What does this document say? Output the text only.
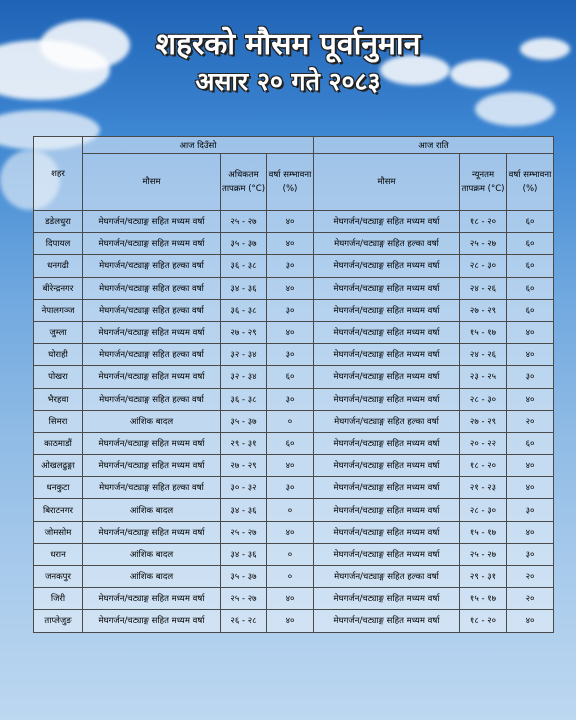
शहरको मौसम पूर्वानुमान
असार २० गते २०८३
शहर	आज दिउँसो			आज राति		
	मौसम	अधिकतम तापक्रम (°C)	वर्षा सम्भावना (%)	मौसम	न्यूनतम तापक्रम (°C)	वर्षा सम्भावना (%)
डडेलधुरा	मेघगर्जन/चट्याङ्ग सहित मध्यम वर्षा	२५ - २७	४०	मेघगर्जन/चट्याङ्ग सहित मध्यम वर्षा	१८ - २०	६०
दिपायल	मेघगर्जन/चट्याङ्ग सहित मध्यम वर्षा	३५ - ३७	४०	मेघगर्जन/चट्याङ्ग सहित हल्का वर्षा	२५ - २७	६०
धनगढी	मेघगर्जन/चट्याङ्ग सहित हल्का वर्षा	३६ - ३८	३०	मेघगर्जन/चट्याङ्ग सहित मध्यम वर्षा	२८ - ३०	६०
बीरेन्द्रनगर	मेघगर्जन/चट्याङ्ग सहित हल्का वर्षा	३४ - ३६	४०	मेघगर्जन/चट्याङ्ग सहित मध्यम वर्षा	२४ - २६	६०
नेपालगञ्ज	मेघगर्जन/चट्याङ्ग सहित हल्का वर्षा	३६ - ३८	३०	मेघगर्जन/चट्याङ्ग सहित मध्यम वर्षा	२७ - २९	६०
जुम्ला	मेघगर्जन/चट्याङ्ग सहित मध्यम वर्षा	२७ - २९	४०	मेघगर्जन/चट्याङ्ग सहित मध्यम वर्षा	१५ - १७	४०
घोराही	मेघगर्जन/चट्याङ्ग सहित हल्का वर्षा	३२ - ३४	३०	मेघगर्जन/चट्याङ्ग सहित मध्यम वर्षा	२४ - २६	४०
पोखरा	मेघगर्जन/चट्याङ्ग सहित मध्यम वर्षा	३२ - ३४	६०	मेघगर्जन/चट्याङ्ग सहित मध्यम वर्षा	२३ - २५	३०
भैरहवा	मेघगर्जन/चट्याङ्ग सहित हल्का वर्षा	३६ - ३८	३०	मेघगर्जन/चट्याङ्ग सहित मध्यम वर्षा	२८ - ३०	४०
सिमरा	आंशिक बादल	३५ - ३७	०	मेघगर्जन/चट्याङ्ग सहित हल्का वर्षा	२७ - २९	२०
काठमाडौं	मेघगर्जन/चट्याङ्ग सहित मध्यम वर्षा	२९ - ३१	६०	मेघगर्जन/चट्याङ्ग सहित मध्यम वर्षा	२० - २२	६०
ओखलढुङ्गा	मेघगर्जन/चट्याङ्ग सहित मध्यम वर्षा	२७ - २९	४०	मेघगर्जन/चट्याङ्ग सहित मध्यम वर्षा	१८ - २०	४०
धनकुटा	मेघगर्जन/चट्याङ्ग सहित हल्का वर्षा	३० - ३२	३०	मेघगर्जन/चट्याङ्ग सहित मध्यम वर्षा	२१ - २३	४०
बिराटनगर	आंशिक बादल	३४ - ३६	०	मेघगर्जन/चट्याङ्ग सहित मध्यम वर्षा	२८ - ३०	३०
जोमसोम	मेघगर्जन/चट्याङ्ग सहित मध्यम वर्षा	२५ - २७	४०	मेघगर्जन/चट्याङ्ग सहित मध्यम वर्षा	१५ - १७	४०
धरान	आंशिक बादल	३४ - ३६	०	मेघगर्जन/चट्याङ्ग सहित मध्यम वर्षा	२५ - २७	३०
जनकपुर	आंशिक बादल	३५ - ३७	०	मेघगर्जन/चट्याङ्ग सहित हल्का वर्षा	२९ - ३१	२०
जिरी	मेघगर्जन/चट्याङ्ग सहित मध्यम वर्षा	२५ - २७	४०	मेघगर्जन/चट्याङ्ग सहित मध्यम वर्षा	१५ - १७	२०
ताप्लेजुङ	मेघगर्जन/चट्याङ्ग सहित मध्यम वर्षा	२६ - २८	४०	मेघगर्जन/चट्याङ्ग सहित मध्यम वर्षा	१८ - २०	४०
